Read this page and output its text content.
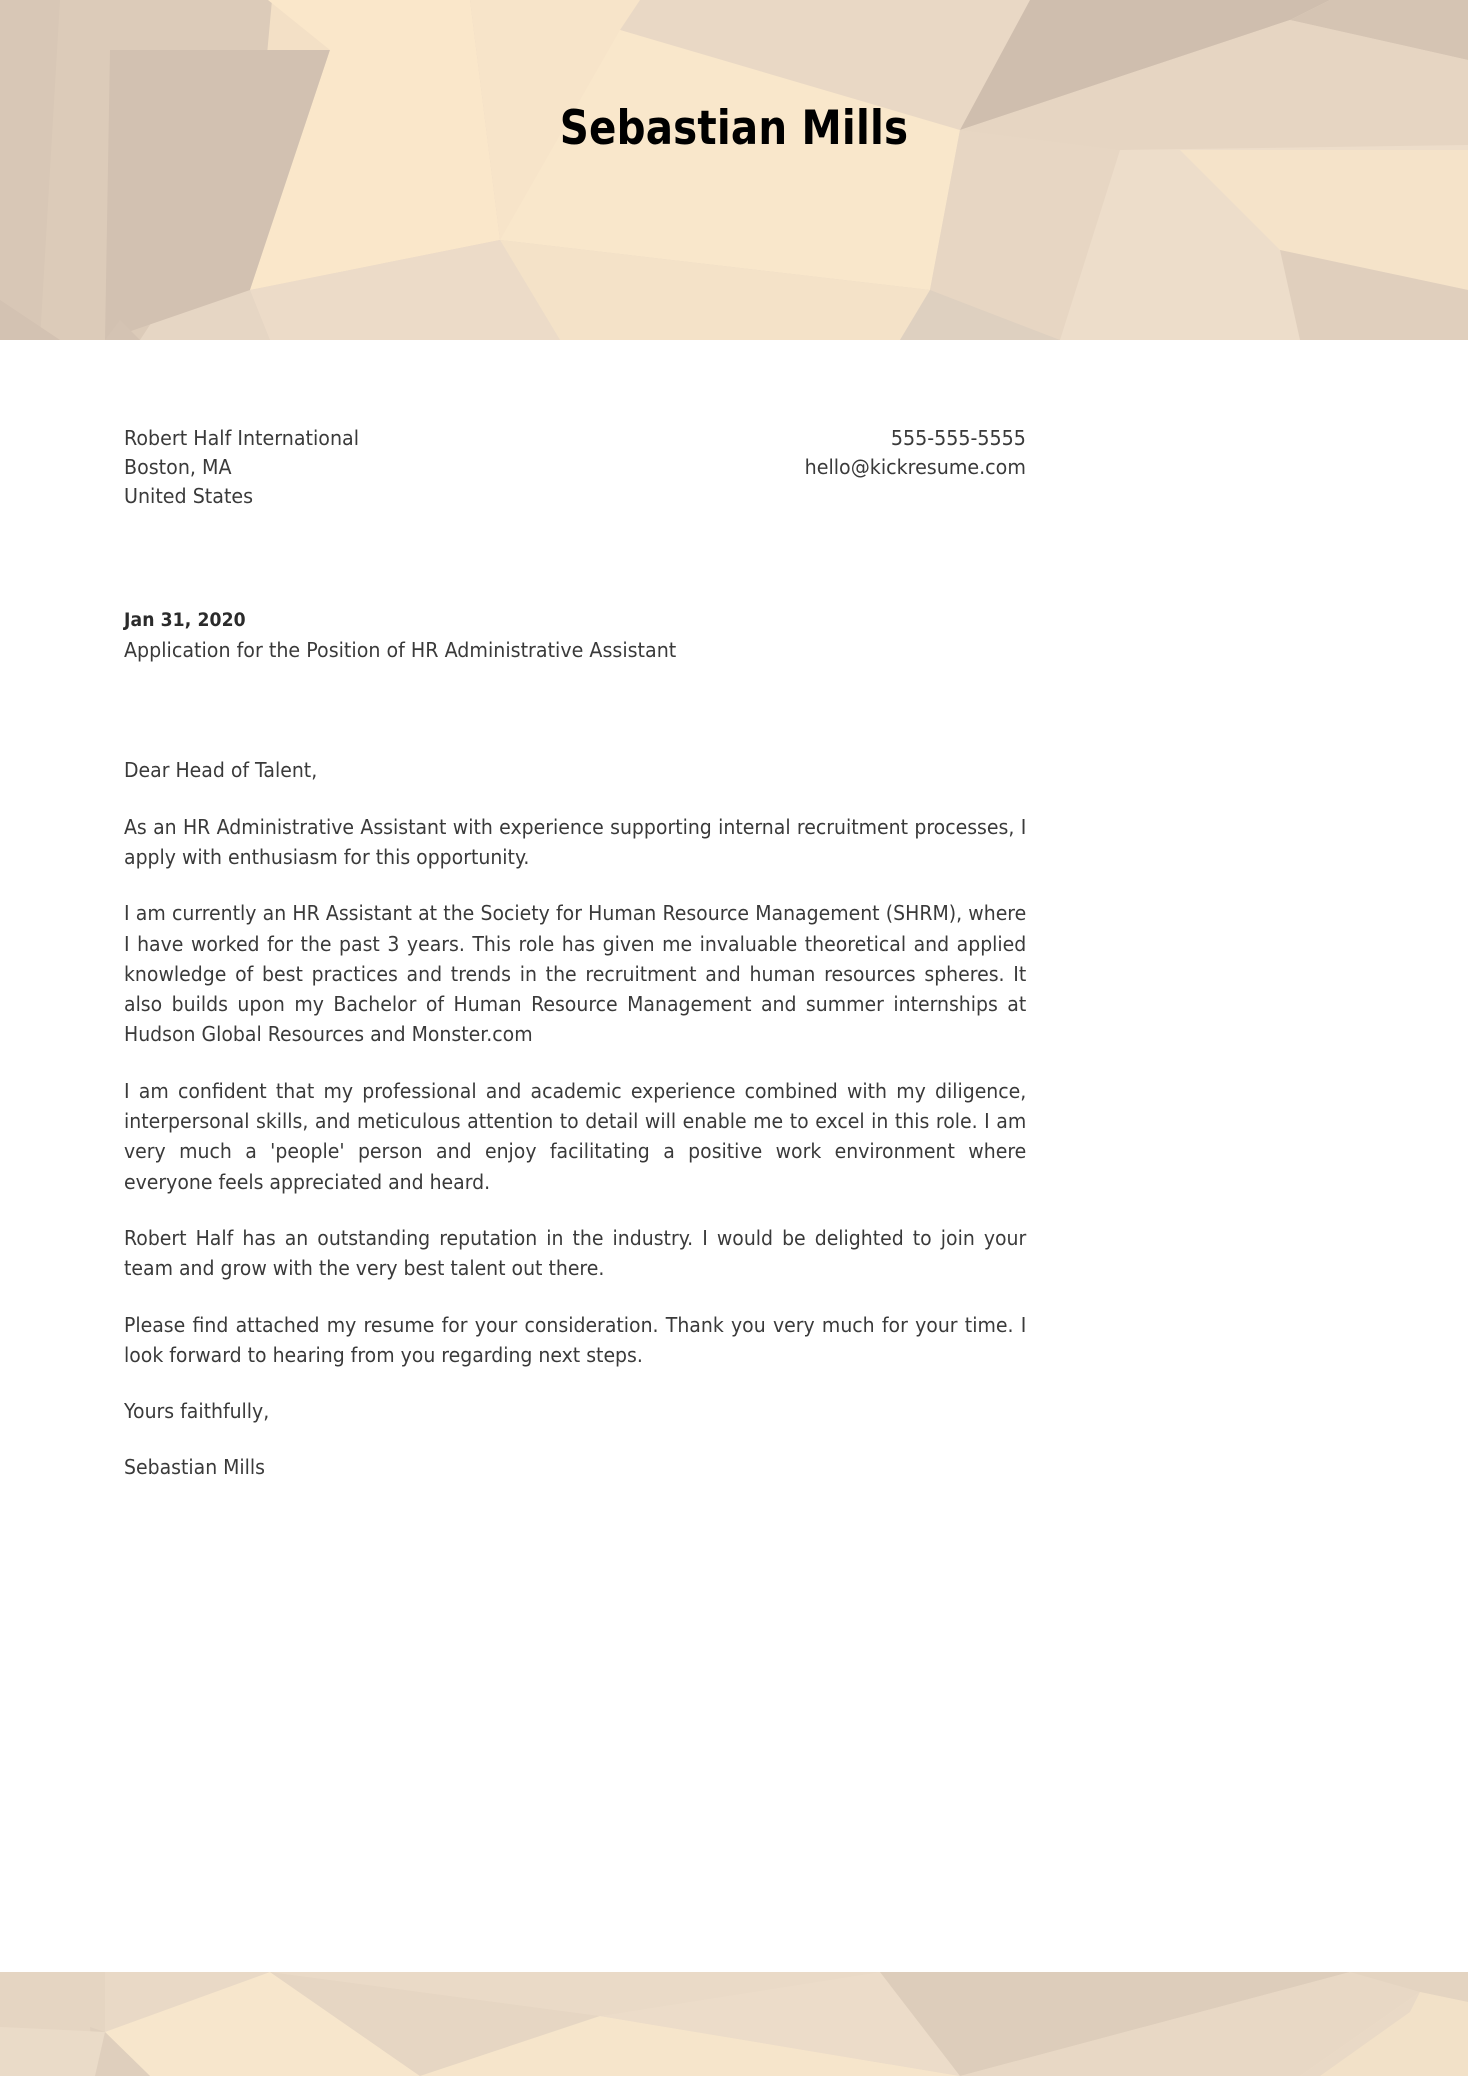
Sebastian Mills
Robert Half International
Boston, MA
United States
555-555-5555
hello@kickresume.com
Jan 31, 2020
Application for the Position of HR Administrative Assistant

Dear Head of Talent,

As an HR Administrative Assistant with experience supporting internal recruitment processes, I apply with enthusiasm for this opportunity.

I am currently an HR Assistant at the Society for Human Resource Management (SHRM), where I have worked for the past 3 years. This role has given me invaluable theoretical and applied knowledge of best practices and trends in the recruitment and human resources spheres. It also builds upon my Bachelor of Human Resource Management and summer internships at Hudson Global Resources and Monster.com

I am confident that my professional and academic experience combined with my diligence, interpersonal skills, and meticulous attention to detail will enable me to excel in this role. I am very much a 'people' person and enjoy facilitating a positive work environment where everyone feels appreciated and heard.

Robert Half has an outstanding reputation in the industry. I would be delighted to join your team and grow with the very best talent out there.

Please find attached my resume for your consideration. Thank you very much for your time. I look forward to hearing from you regarding next steps.

Yours faithfully,

Sebastian Mills
